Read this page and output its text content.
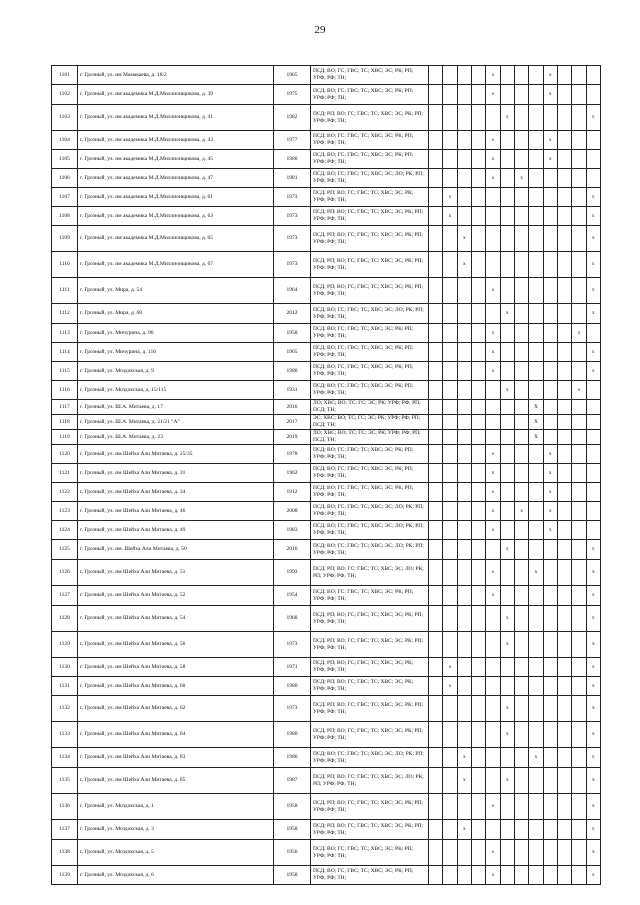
29
1101	г. Грозный, ул. им Мамакаева, д. 18/2	1965	ПСД; ВО; ГС; ГВС; ТС; ХВС; ЭС; РК; РП; УРФ; РФ; ТН;					х				х			
1102	г. Грозный, ул. им академика М.Д.Миллионщикова, д. 39	1975	ПСД; ВО; ГС; ГВС; ТС; ХВС; ЭС; РК; РП; УРФ; РФ; ТН;					х				х			
1103	г. Грозный, ул. им академика М.Д.Миллионщикова, д. 41	1982	ПСД; РП; ВО; ГС; ГВС; ТС; ХВС; ЭС; РК; РП; УРФ; РФ; ТН;						х						х
1104	г. Грозный, ул. им академика М.Д.Миллионщикова, д. 43	1977	ПСД; ВО; ГС; ГВС; ТС; ХВС; ЭС; РК; РП; УРФ; РФ; ТН;					х				х			
1105	г. Грозный, ул. им академика М.Д.Миллионщикова, д. 45	1980	ПСД; ВО; ГС; ГВС; ТС; ХВС; ЭС; РК; РП; УРФ; РФ; ТН;					х				х			
1106	г. Грозный, ул. им академика М.Д.Миллионщикова, д. 47	1981	ПСД; ВО; ГС; ГВС; ТС; ХВС; ЭС; ЛО; РК; РП; УРФ; РФ; ТН;					х		х					
1107	г. Грозный, ул. им академика М.Д.Миллионщикова, д. 61	1973	ПСД; РП; ВО; ГС; ГВС; ТС; ХВС; ЭС; РК; УРФ; РФ; ТН;		х										х
1108	г. Грозный, ул. им академика М.Д.Миллионщикова, д. 63	1973	ПСД; РП; ВО; ГС; ГВС; ТС; ХВС; ЭС; РК; РП; УРФ; РФ; ТН;		х										х
1109	г. Грозный, ул. им академика М.Д.Миллионщикова, д. 65	1973	ПСД; РП; ВО; ГС; ГВС; ТС; ХВС; ЭС; РК; РП; УРФ; РФ; ТН;			х									х
1110	г. Грозный, ул. им академика М.Д.Миллионщикова, д. 67	1973	ПСД; РП; ВО; ГС; ГВС; ТС; ХВС; ЭС; РК; РП; УРФ; РФ; ТН;			х									х
1111	г. Грозный, ул. Мира, д. 54	1964	ПСД; РП; ВО; ГС; ГВС; ТС; ХВС; ЭС; РК; РП; УРФ; РФ; ТН;					х							х
1112	г. Грозный, ул. Мира, д. 68	2012	ПСД; ВО; ГС; ГВС; ТС; ХВС; ЭС; ЛО; РК; РП; УРФ; РФ; ТН;						х						х
1113	г. Грозный, ул. Мичурина, д. 96	1958	ПСД; ВО; ГС; ГВС; ТС; ХВС; ЭС; РК; РП; УРФ; РФ; ТН;					х						х	
1114	г. Грозный, ул. Мичурина, д. 116	1965	ПСД; ВО; ГС; ГВС; ТС; ХВС; ЭС; РК; РП; УРФ; РФ; ТН;					х							х
1115	г. Грозный, ул. Моздокская, д. 9	1980	ПСД; ВО; ГС; ГВС; ТС; ХВС; ЭС; РК; РП; УРФ; РФ; ТН;					х							х
1116	г. Грозный, ул. Моздокская, д. 15/115	1931	ПСД; ВО; ГС; ГВС; ТС; ХВС; ЭС; РК; РП; УРФ; РФ; ТН;						х					х	
1117	г. Грозный, ул. Ш.А. Митаева, д. 17	2016	ЛО; ХВС; ВО; ТС; ГС; ЭС; РК; УРФ; РФ; РП; ПСД; ТН;								Х				
1118	г. Грозный, ул. Ш.А. Митаева, д. 21/21 "А"	2017	ЭС; ХВС; ВО; ТС; ГС; ЭС; РК; УРФ; РФ; РП; ПСД; ТН;								Х				
1119	г. Грозный, ул. Ш.А. Митаева, д. 23	2019	ЛО; ХВС; ВО; ТС; ГС; ЭС; РК; УРФ; РФ; РП; ПСД; ТН;								Х				
1120	г. Грозный, ул. им Шейха Али Митаева, д. 25/35	1978	ПСД; ВО; ГС; ГВС; ТС; ХВС; ЭС; РК; РП; УРФ; РФ; ТН;					х				х			
1121	г. Грозный, ул. им Шейха Али Митаева, д. 31	1962	ПСД; ВО; ГС; ГВС; ТС; ХВС; ЭС; РК; РП; УРФ; РФ; ТН;					х				х			
1122	г. Грозный, ул. им Шейха Али Митаева, д. 34	1912	ПСД; ВО; ГС; ГВС; ТС; ХВС; ЭС; РК; РП; УРФ; РФ; ТН;					х				х			
1123	г. Грозный, ул. им Шейха Али Митаева, д. 46	2008	ПСД; ВО; ГС; ГВС; ТС; ХВС; ЭС; ЛО; РК; РП; УРФ; РФ; ТН;					х		х		х			
1124	г. Грозный, ул. им Шейха Али Митаева, д. 49	1983	ПСД; ВО; ГС; ГВС; ТС; ХВС; ЭС; ЛО; РК; РП; УРФ; РФ; ТН;					х				х			
1125	г. Грозный, ул. им. Шейха Али Митаева, д. 50	2016	ПСД; ВО; ГС; ГВС; ТС; ХВС; ЭС; ЛО; РК; РП; УРФ; РФ; ТН;						х						х
1126	г. Грозный, ул. им Шейха Али Митаева, д. 51	1993	ПСД; РП; ВО; ГС; ГВС; ТС; ХВС; ЭС; ЛО; РК; РП; УРФ; РФ; ТН;					х			х				х
1127	г. Грозный, ул. им Шейха Али Митаева, д. 52	1954	ПСД; ВО; ГС; ГВС; ТС; ХВС; ЭС; РК; РП; УРФ; РФ; ТН;					х							х
1128	г. Грозный, ул. им Шейха Али Митаева, д. 54	1968	ПСД; РП; ВО; ГС; ГВС; ТС; ХВС; ЭС; РК; РП; УРФ; РФ; ТН;						х						х
1129	г. Грозный, ул. им Шейха Али Митаева, д. 56	1973	ПСД; РП; ВО; ГС; ГВС; ТС; ХВС; ЭС; РК; РП; УРФ; РФ; ТН;						х						х
1130	г. Грозный, ул. им Шейха Али Митаева, д. 58	1971	ПСД; РП; ВО; ГС; ГВС; ТС; ХВС; ЭС; РК; УРФ; РФ; ТН;		х										х
1131	г. Грозный, ул. им Шейха Али Митаева, д. 60	1980	ПСД; РП; ВО; ГС; ГВС; ТС; ХВС; ЭС; РК; УРФ; РФ; ТН;		х										х
1132	г. Грозный, ул. им Шейха Али Митаева, д. 62	1973	ПСД; РП; ВО; ГС; ГВС; ТС; ХВС; ЭС; РК; РП; УРФ; РФ; ТН;						х						х
1133	г. Грозный, ул. им Шейха Али Митаева, д. 64	1980	ПСД; РП; ВО; ГС; ГВС; ТС; ХВС; ЭС; РК; РП; УРФ; РФ; ТН;						х						х
1134	г. Грозный, ул. им Шейха Али Митаева, д. 83	1986	ПСД; ВО; ГС; ГВС; ТС; ХВС; ЭС; ЛО; РК; РП; УРФ; РФ; ТН;			х					х				х
1135	г. Грозный, ул. им Шейха Али Митаева, д. 85	1987	ПСД; РП; ВО; ГС; ГВС; ТС; ХВС; ЭС; ЛО; РК; РП; УРФ; РФ; ТН;			х			х						х
1136	г. Грозный, ул. Моздокская, д. 1	1958	ПСД; РП; ВО; ГС; ГВС; ТС; ХВС; ЭС; РК; РП; УРФ; РФ; ТН;					х							х
1137	г. Грозный, ул. Моздокская, д. 3	1958	ПСД; РП; ВО; ГС; ГВС; ТС; ХВС; ЭС; РК; РП; УРФ; РФ; ТН;			х									х
1138	г. Грозный, ул. Моздокская, д. 5	1956	ПСД; ВО; ГС; ГВС; ТС; ХВС; ЭС; РК; РП; УРФ; РФ; ТН;					х							х
1139	г. Грозный, ул. Моздокская, д. 6	1958	ПСД; ВО; ГС; ГВС; ТС; ХВС; ЭС; РК; РП; УРФ; РФ; ТН;					х							х
